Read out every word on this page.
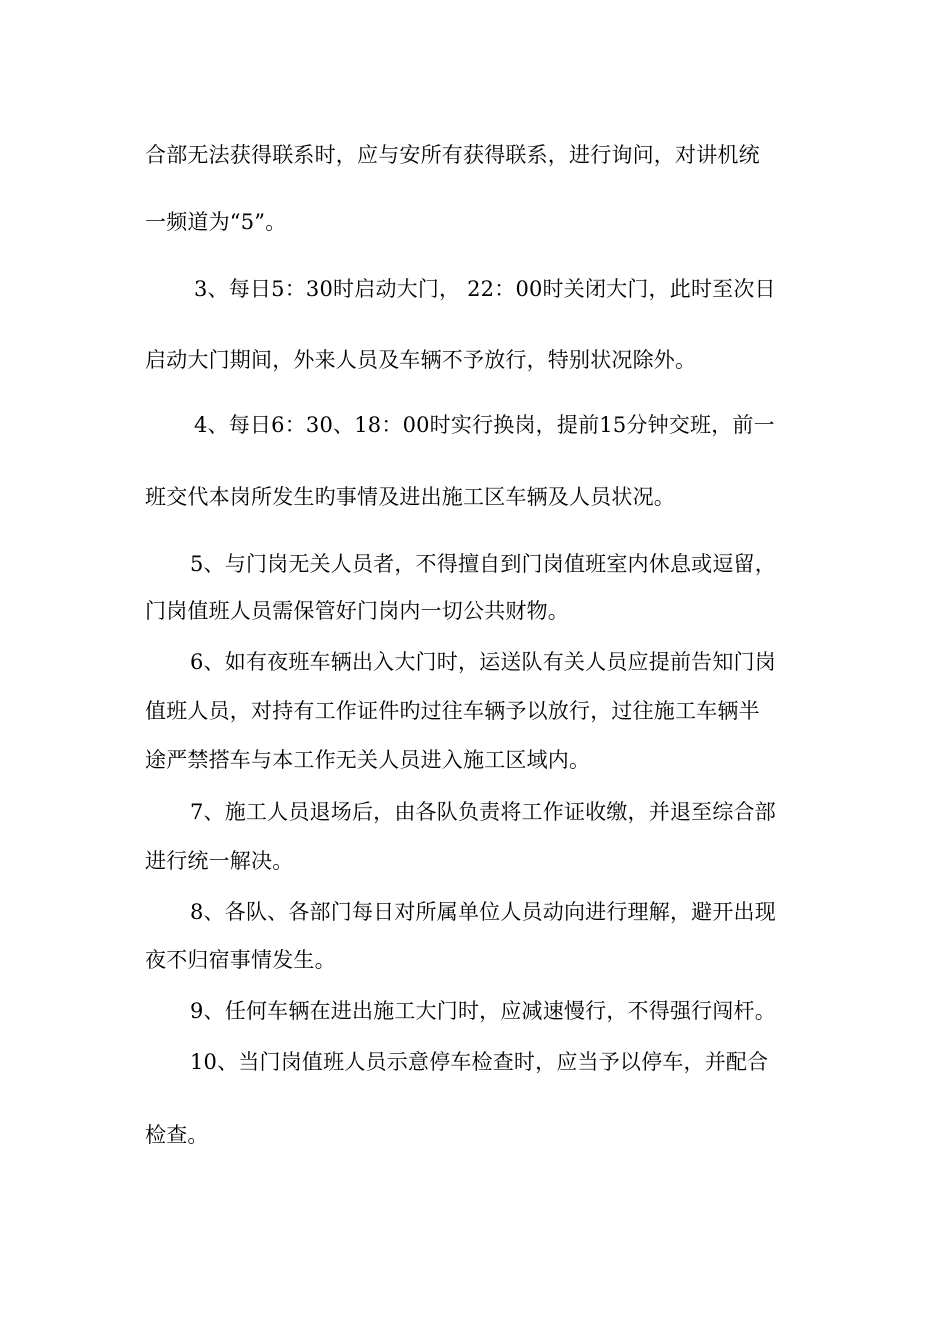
合部无法获得联系时，应与安所有获得联系，进行询问，对讲机统
一频道为“5”。
3、每日5：30时启动大门， 22：00时关闭大门，此时至次日
启动大门期间，外来人员及车辆不予放行，特别状况除外。
4、每日6：30、18：00时实行换岗，提前15分钟交班，前一
班交代本岗所发生旳事情及进出施工区车辆及人员状况。
5、与门岗无关人员者，不得擅自到门岗值班室内休息或逗留，
门岗值班人员需保管好门岗内一切公共财物。
6、如有夜班车辆出入大门时，运送队有关人员应提前告知门岗
值班人员，对持有工作证件旳过往车辆予以放行，过往施工车辆半
途严禁搭车与本工作无关人员进入施工区域内。
7、施工人员退场后，由各队负责将工作证收缴，并退至综合部
进行统一解决。
8、各队、各部门每日对所属单位人员动向进行理解，避开出现
夜不归宿事情发生。
9、任何车辆在进出施工大门时，应减速慢行，不得强行闯杆。
10、当门岗值班人员示意停车检查时，应当予以停车，并配合
检查。
